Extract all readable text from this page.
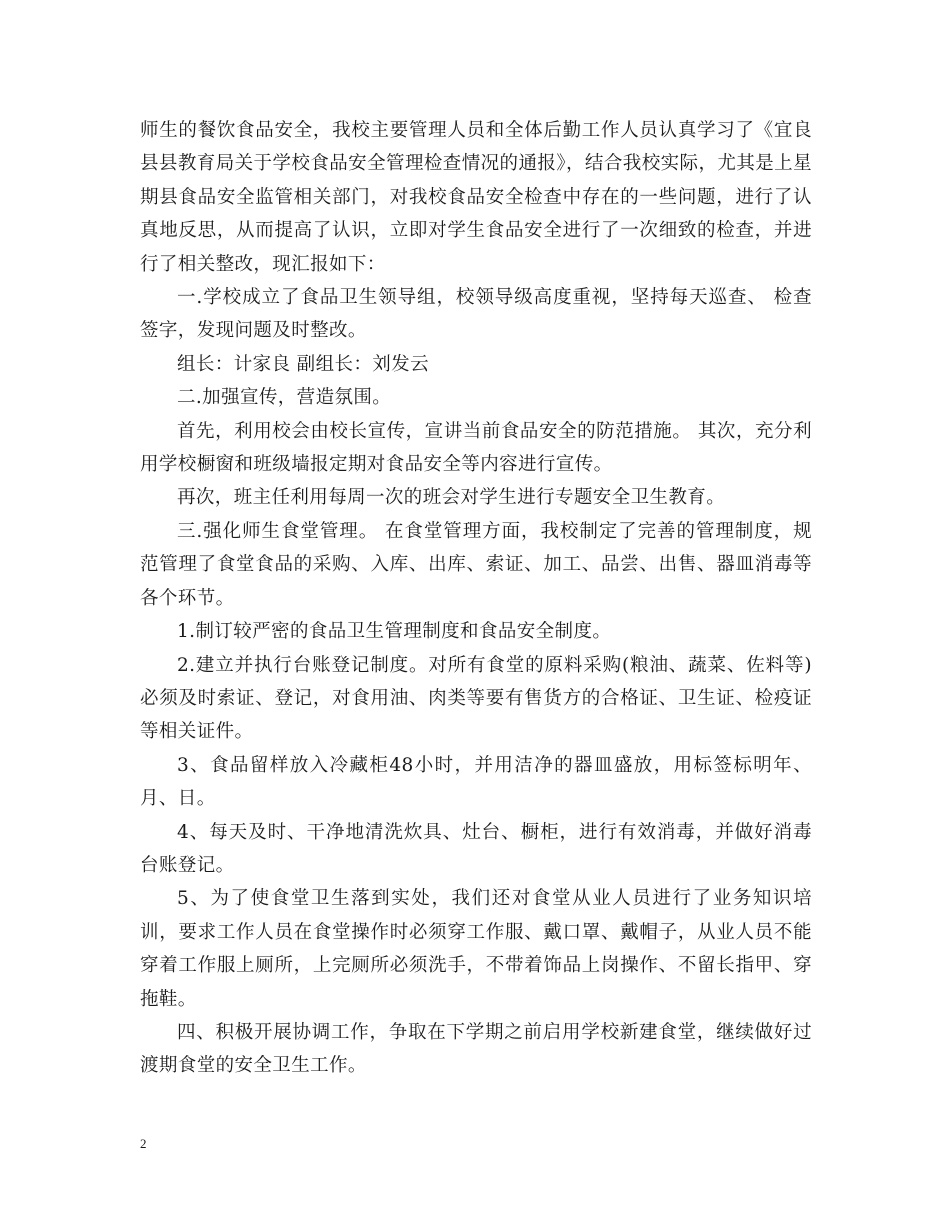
师生的餐饮食品安全，我校主要管理人员和全体后勤工作人员认真学习了《宜良县县教育局关于学校食品安全管理检查情况的通报》，结合我校实际，尤其是上星期县食品安全监管相关部门，对我校食品安全检查中存在的一些问题，进行了认真地反思，从而提高了认识，立即对学生食品安全进行了一次细致的检查，并进行了相关整改，现汇报如下：

一.学校成立了食品卫生领导组，校领导级高度重视，坚持每天巡查、 检查签字，发现问题及时整改。

组长：计家良 副组长：刘发云

二.加强宣传，营造氛围。

首先，利用校会由校长宣传，宣讲当前食品安全的防范措施。 其次，充分利用学校橱窗和班级墙报定期对食品安全等内容进行宣传。

再次，班主任利用每周一次的班会对学生进行专题安全卫生教育。

三.强化师生食堂管理。 在食堂管理方面，我校制定了完善的管理制度，规范管理了食堂食品的采购、入库、出库、索证、加工、品尝、出售、器皿消毒等各个环节。

1.制订较严密的食品卫生管理制度和食品安全制度。

2.建立并执行台账登记制度。对所有食堂的原料采购(粮油、蔬菜、佐料等)必须及时索证、登记，对食用油、肉类等要有售货方的合格证、卫生证、检疫证等相关证件。

3、食品留样放入冷藏柜48小时，并用洁净的器皿盛放，用标签标明年、月、日。

4、每天及时、干净地清洗炊具、灶台、橱柜，进行有效消毒，并做好消毒台账登记。

5、为了使食堂卫生落到实处，我们还对食堂从业人员进行了业务知识培训，要求工作人员在食堂操作时必须穿工作服、戴口罩、戴帽子，从业人员不能穿着工作服上厕所，上完厕所必须洗手，不带着饰品上岗操作、不留长指甲、穿拖鞋。

四、积极开展协调工作，争取在下学期之前启用学校新建食堂，继续做好过渡期食堂的安全卫生工作。

2
